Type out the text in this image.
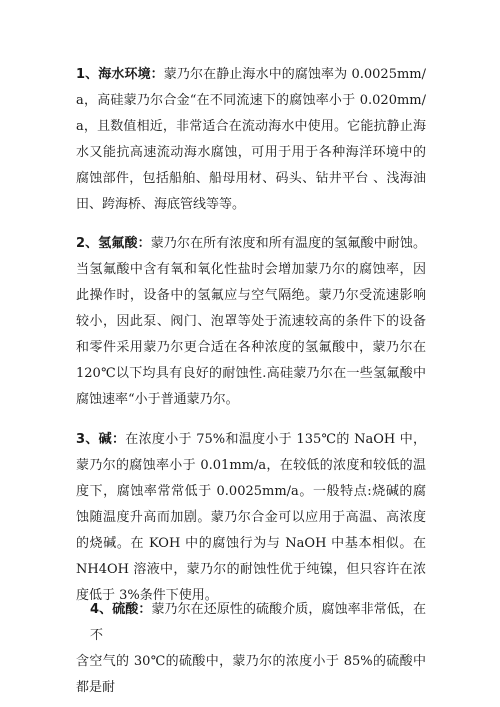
1、海水环境：蒙乃尔在静止海水中的腐蚀率为 0.0025mm/a，高硅蒙乃尔合金“在不同流速下的腐蚀率小于 0.020mm/a，且数值相近，非常适合在流动海水中使用。它能抗静止海水又能抗高速流动海水腐蚀，可用于用于各种海洋环境中的腐蚀部件，包括船舶、船母用材、码头、钻井平台 、浅海油田、跨海桥、海底管线等等。

2、氢氟酸：蒙乃尔在所有浓度和所有温度的氢氟酸中耐蚀。当氢氟酸中含有氧和氧化性盐时会增加蒙乃尔的腐蚀率，因此操作时，设备中的氢氟应与空气隔绝。蒙乃尔受流速影响较小，因此泵、阀门、泡罩等处于流速较高的条件下的设备和零件采用蒙乃尔更合适在各种浓度的氢氟酸中，蒙乃尔在 120℃以下均具有良好的耐蚀性.高硅蒙乃尔在一些氢氟酸中腐蚀速率“小于普通蒙乃尔。

3、碱：在浓度小于 75%和温度小于 135℃的 NaOH 中，蒙乃尔的腐蚀率小于 0.01mm/a，在较低的浓度和较低的温度下，腐蚀率常常低于 0.0025mm/a。一般特点:烧碱的腐蚀随温度升高而加剧。蒙乃尔合金可以应用于高温、高浓度的烧碱。在 KOH 中的腐蚀行为与 NaOH 中基本相似。在 NH4OH 溶液中，蒙乃尔的耐蚀性优于纯镍，但只容许在浓度低于 3%条件下使用。

4、硫酸：蒙乃尔在还原性的硫酸介质，腐蚀率非常低，在不
含空气的 30℃的硫酸中，蒙乃尔的浓度小于 85%的硫酸中都是耐
